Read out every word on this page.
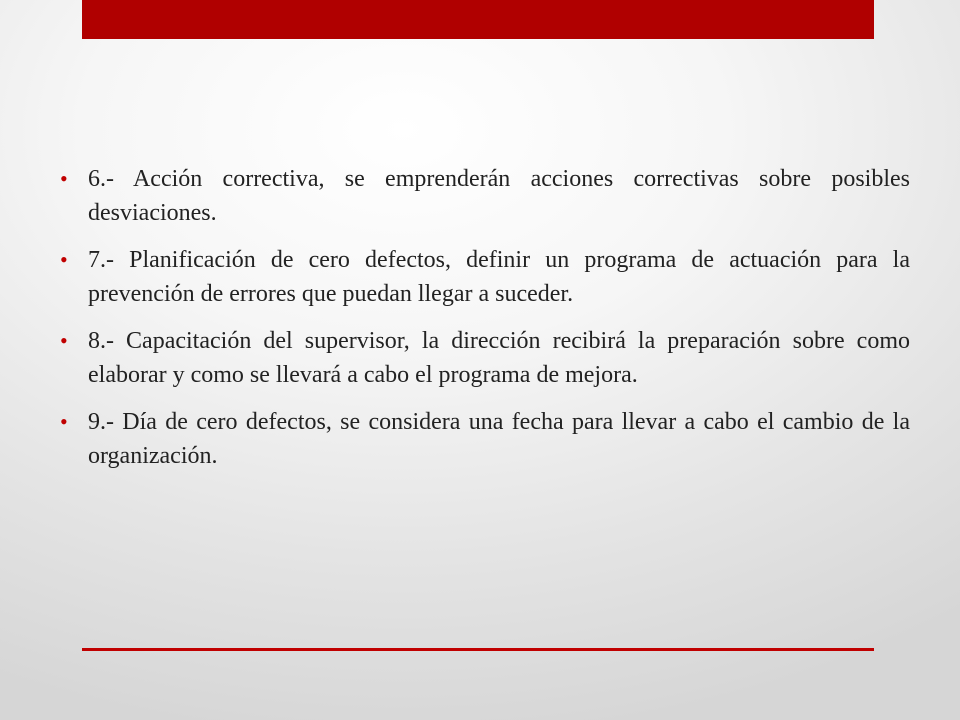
• 6.- Acción correctiva, se emprenderán acciones correctivas sobre posibles desviaciones.
• 7.- Planificación de cero defectos, definir un programa de actuación para la prevención de errores que puedan llegar a suceder.
• 8.- Capacitación del supervisor, la dirección recibirá la preparación sobre como elaborar y como se llevará a cabo el programa de mejora.
• 9.- Día de cero defectos, se considera una fecha para llevar a cabo el cambio de la organización.
